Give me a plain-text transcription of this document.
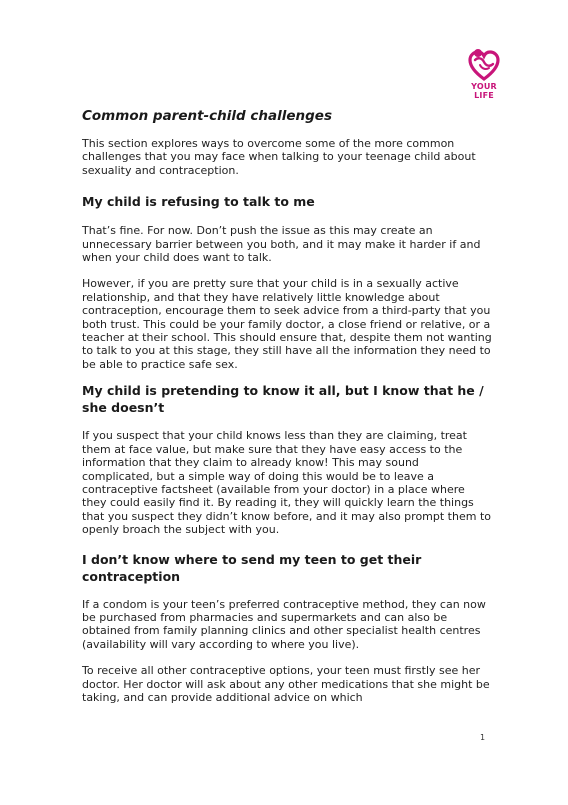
YOUR
LIFE
Common parent-child challenges

This section explores ways to overcome some of the more common challenges that you may face when talking to your teenage child about sexuality and contraception.

My child is refusing to talk to me

That’s fine. For now. Don’t push the issue as this may create an unnecessary barrier between you both, and it may make it harder if and when your child does want to talk.

However, if you are pretty sure that your child is in a sexually active relationship, and that they have relatively little knowledge about contraception, encourage them to seek advice from a third-party that you both trust. This could be your family doctor, a close friend or relative, or a teacher at their school. This should ensure that, despite them not wanting to talk to you at this stage, they still have all the information they need to be able to practice safe sex.

My child is pretending to know it all, but I know that he / she doesn’t

If you suspect that your child knows less than they are claiming, treat them at face value, but make sure that they have easy access to the information that they claim to already know! This may sound complicated, but a simple way of doing this would be to leave a contraceptive factsheet (available from your doctor) in a place where they could easily find it. By reading it, they will quickly learn the things that you suspect they didn’t know before, and it may also prompt them to openly broach the subject with you.

I don’t know where to send my teen to get their contraception

If a condom is your teen’s preferred contraceptive method, they can now be purchased from pharmacies and supermarkets and can also be obtained from family planning clinics and other specialist health centres (availability will vary according to where you live).

To receive all other contraceptive options, your teen must firstly see her doctor. Her doctor will ask about any other medications that she might be taking, and can provide additional advice on which

1
